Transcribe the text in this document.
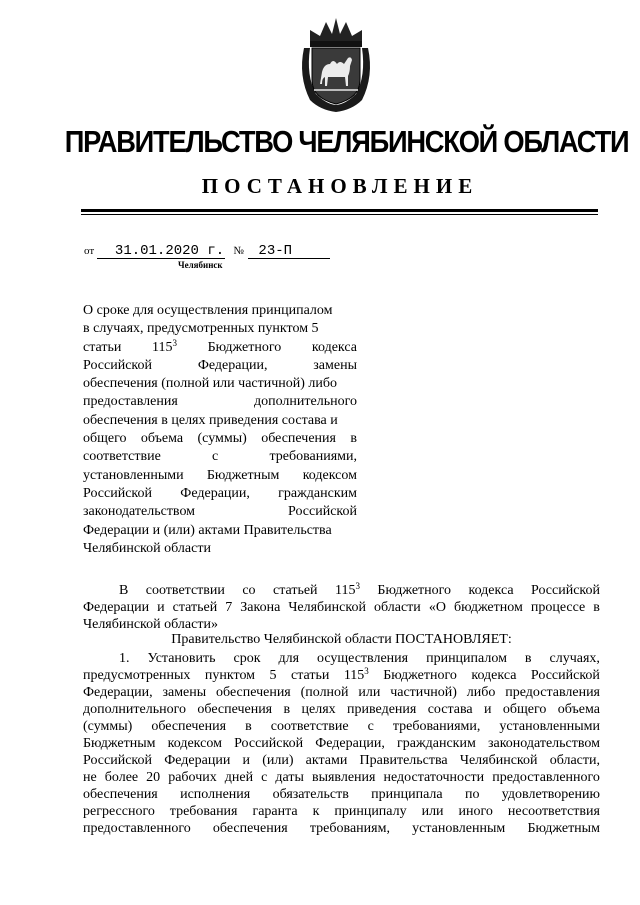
ПРАВИТЕЛЬСТВО ЧЕЛЯБИНСКОЙ ОБЛАСТИ
ПОСТАНОВЛЕНИЕ
от 31.01.2020 г. № 23-П
Челябинск
О сроке для осуществления принципалом
в случаях, предусмотренных пунктом 5
статьи $115^3$ Бюджетного кодекса
Российской	Федерации,	замены
обеспечения (полной или частичной) либо
предоставления	дополнительного
обеспечения в целях приведения состава и
общего объема (суммы) обеспечения в
соответствие	с	требованиями,
установленными Бюджетным кодексом
Российской Федерации, гражданским
законодательством	Российской
Федерации и (или) актами Правительства
Челябинской области
В соответствии со статьей $115^3$ Бюджетного кодекса Российской
Федерации и статьей 7 Закона Челябинской области «О бюджетном процессе в
Челябинской области»
Правительство Челябинской области ПОСТАНОВЛЯЕТ:
1. Установить срок для осуществления принципалом в случаях,
предусмотренных пунктом 5 статьи $115^3$ Бюджетного кодекса Российской
Федерации, замены обеспечения (полной или частичной) либо предоставления
дополнительного обеспечения в целях приведения состава и общего объема
(суммы) обеспечения в соответствие с требованиями, установленными
Бюджетным кодексом Российской Федерации, гражданским законодательством
Российской Федерации и (или) актами Правительства Челябинской области,
не более 20 рабочих дней с даты выявления недостаточности предоставленного
обеспечения исполнения обязательств принципала по удовлетворению
регрессного требования гаранта к принципалу или иного несоответствия
предоставленного обеспечения требованиям, установленным Бюджетным
